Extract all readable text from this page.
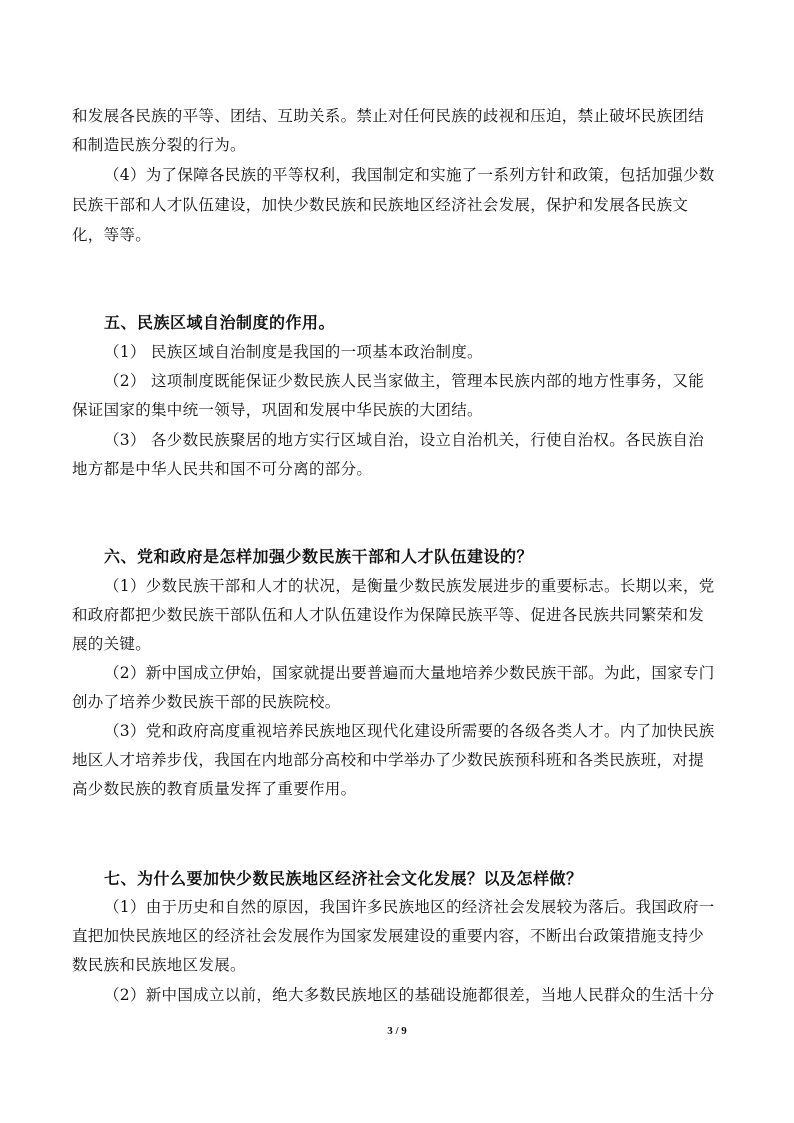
和发展各民族的平等、团结、互助关系。禁止对任何民族的歧视和压迫，禁止破坏民族团结
和制造民族分裂的行为。
（4）为了保障各民族的平等权利，我国制定和实施了一系列方针和政策，包括加强少数
民族干部和人才队伍建设，加快少数民族和民族地区经济社会发展，保护和发展各民族文
化，等等。
五、民族区域自治制度的作用。
（1） 民族区域自治制度是我国的一项基本政治制度。
（2） 这项制度既能保证少数民族人民当家做主，管理本民族内部的地方性事务，又能
保证国家的集中统一领导，巩固和发展中华民族的大团结。
（3） 各少数民族聚居的地方实行区域自治，设立自治机关，行使自治权。各民族自治
地方都是中华人民共和国不可分离的部分。
六、党和政府是怎样加强少数民族干部和人才队伍建设的？
（1）少数民族干部和人才的状况，是衡量少数民族发展进步的重要标志。长期以来，党
和政府都把少数民族干部队伍和人才队伍建设作为保障民族平等、促进各民族共同繁荣和发
展的关键。
（2）新中国成立伊始，国家就提出要普遍而大量地培养少数民族干部。为此，国家专门
创办了培养少数民族干部的民族院校。
（3）党和政府高度重视培养民族地区现代化建设所需要的各级各类人才。内了加快民族
地区人才培养步伐，我国在内地部分高校和中学举办了少数民族预科班和各类民族班，对提
高少数民族的教育质量发挥了重要作用。
七、为什么要加快少数民族地区经济社会文化发展？以及怎样做？
（1）由于历史和自然的原因，我国许多民族地区的经济社会发展较为落后。我国政府一
直把加快民族地区的经济社会发展作为国家发展建设的重要内容，不断出台政策措施支持少
数民族和民族地区发展。
（2）新中国成立以前，绝大多数民族地区的基础设施都很差，当地人民群众的生活十分
3 / 9
